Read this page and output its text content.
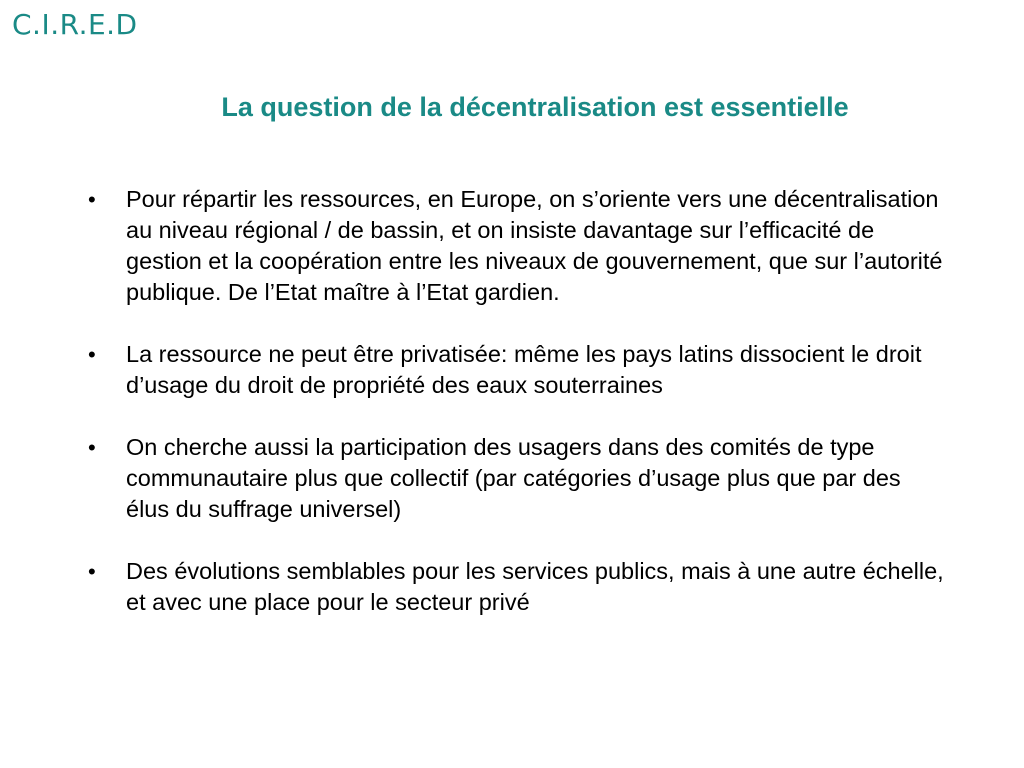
C.I.R.E.D
La question de la décentralisation est essentielle
•	Pour répartir les ressources, en Europe, on s’oriente vers une décentralisation au niveau régional / de bassin, et on insiste davantage sur l’efficacité de gestion et la coopération entre les niveaux de gouvernement, que sur l’autorité publique. De l’Etat maître à l’Etat gardien.
•	La ressource ne peut être privatisée: même les pays latins dissocient le droit d’usage du droit de propriété des eaux souterraines
•	On cherche aussi la participation des usagers dans des comités de type communautaire plus que collectif (par catégories d’usage plus que par des élus du suffrage universel)
•	Des évolutions semblables pour les services publics, mais à une autre échelle, et avec une place pour le secteur privé
